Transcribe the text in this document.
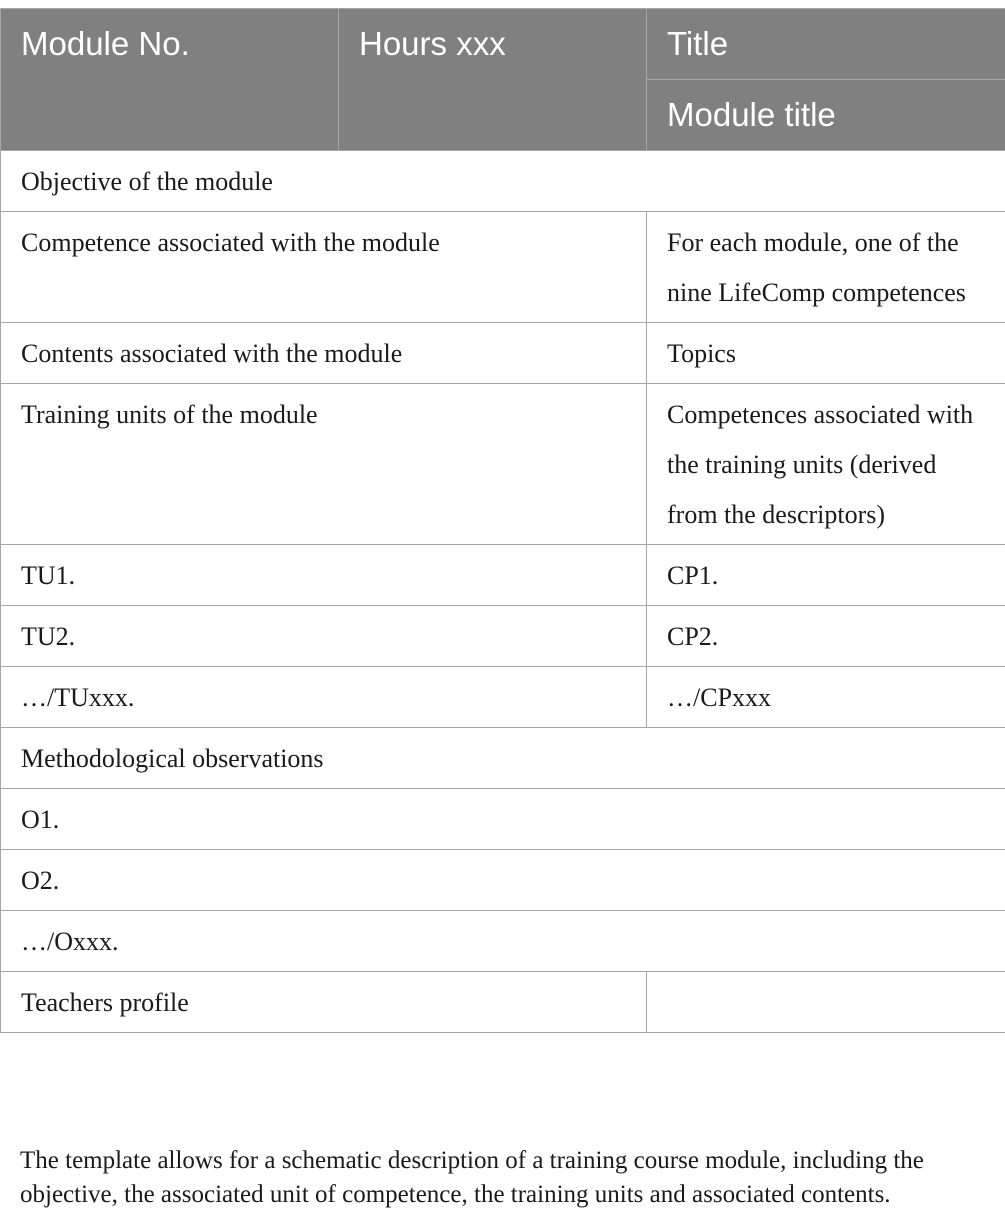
Module No.	Hours xxx	Title
		Module title
Objective of the module		
Competence associated with the module		For each module, one of the nine LifeComp competences
Contents associated with the module		Topics
Training units of the module		Competences associated with the training units (derived from the descriptors)
TU1.		CP1.
TU2.		CP2.
…/TUxxx.		…/CPxxx
Methodological observations		
O1.		
O2.		
…/Oxxx.		
Teachers profile		

The template allows for a schematic description of a training course module, including the objective, the associated unit of competence, the training units and associated contents.
